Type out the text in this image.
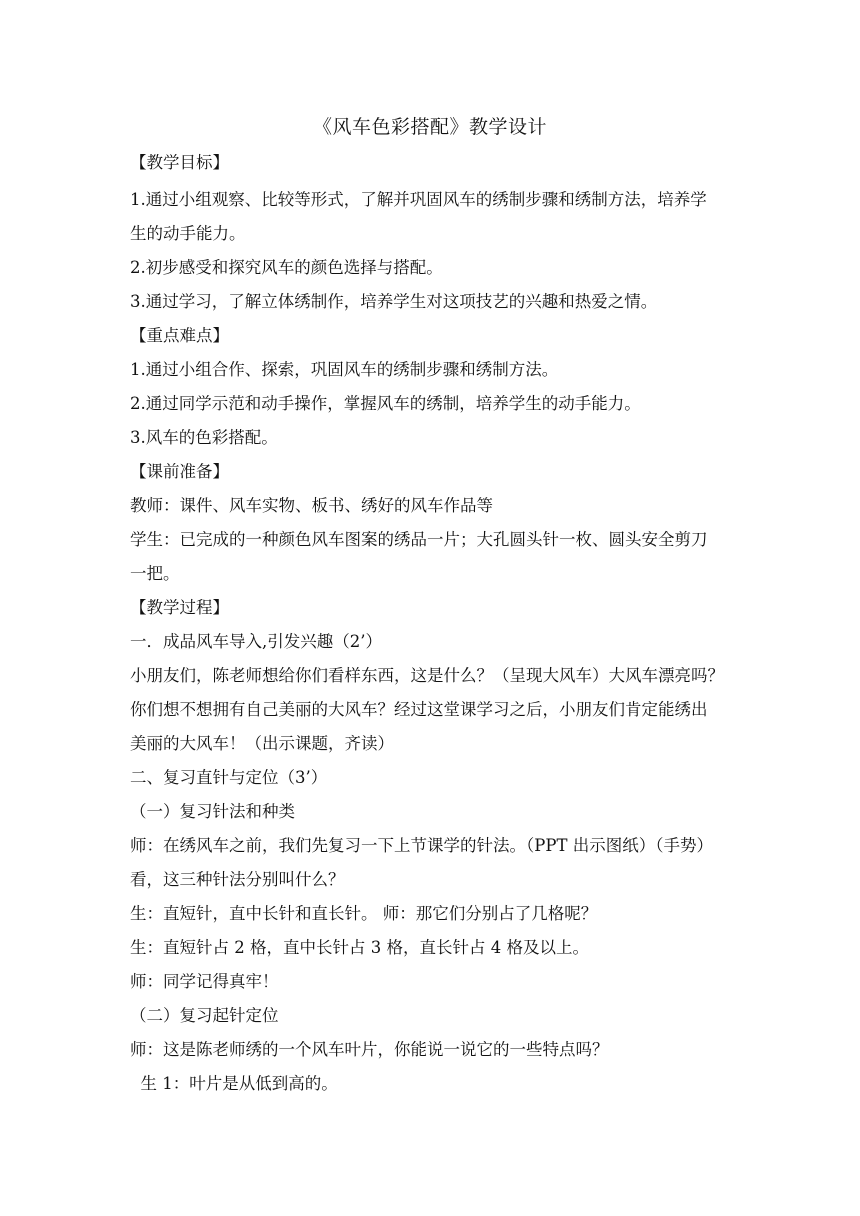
《风车色彩搭配》教学设计
【教学目标】
1.通过小组观察、比较等形式，了解并巩固风车的绣制步骤和绣制方法，培养学
生的动手能力。
2.初步感受和探究风车的颜色选择与搭配。
3.通过学习，了解立体绣制作，培养学生对这项技艺的兴趣和热爱之情。
【重点难点】
1.通过小组合作、探索，巩固风车的绣制步骤和绣制方法。
2.通过同学示范和动手操作，掌握风车的绣制，培养学生的动手能力。
3.风车的色彩搭配。
【课前准备】
教师：课件、风车实物、板书、绣好的风车作品等
学生：已完成的一种颜色风车图案的绣品一片；大孔圆头针一枚、圆头安全剪刀
一把。
【教学过程】
一．成品风车导入,引发兴趣（2’）
小朋友们，陈老师想给你们看样东西，这是什么？（呈现大风车）大风车漂亮吗？
你们想不想拥有自己美丽的大风车？经过这堂课学习之后，小朋友们肯定能绣出
美丽的大风车！（出示课题，齐读）
二、复习直针与定位（3’）
（一）复习针法和种类
师：在绣风车之前，我们先复习一下上节课学的针法。（PPT 出示图纸）（手势）
看，这三种针法分别叫什么？
生：直短针，直中长针和直长针。 师：那它们分别占了几格呢？
生：直短针占 2 格，直中长针占 3 格，直长针占 4 格及以上。
师：同学记得真牢！
（二）复习起针定位
师：这是陈老师绣的一个风车叶片，你能说一说它的一些特点吗？
生 1：叶片是从低到高的。
